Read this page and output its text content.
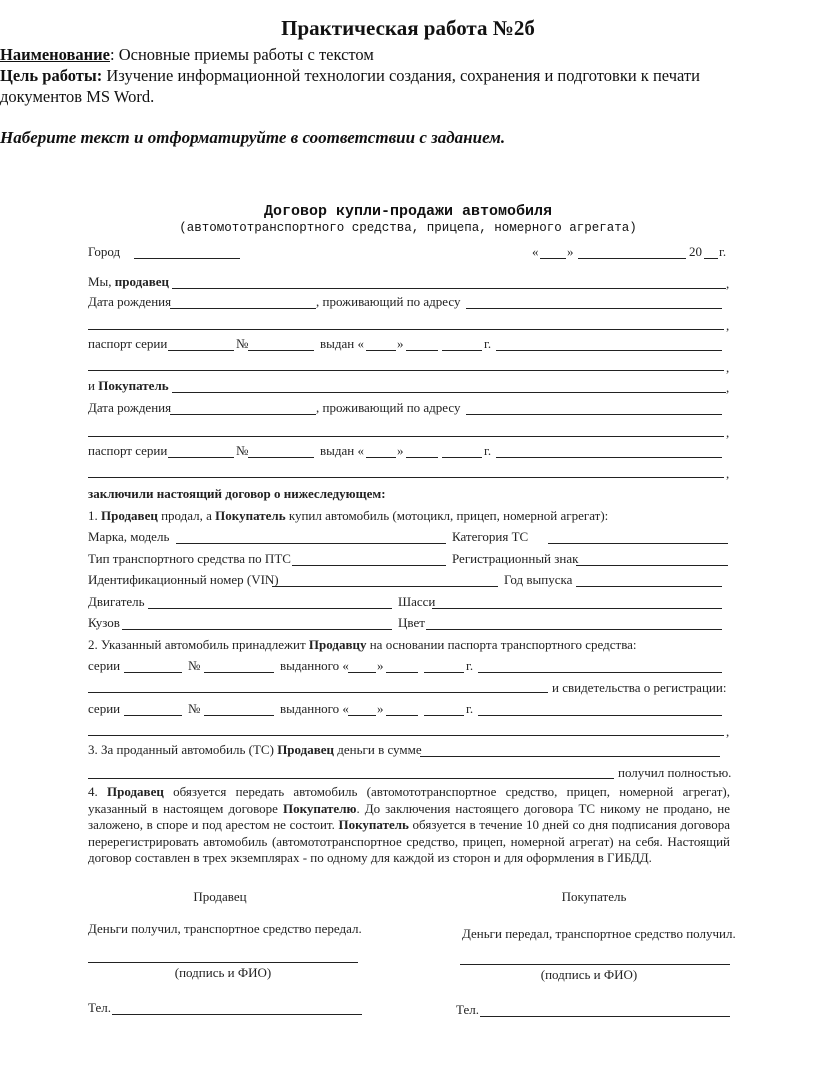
Практическая работа №2б
Наименование: Основные приемы работы с текстом
Цель работы: Изучение информационной технологии создания, сохранения и подготовки к печати
документов MS Word.
Наберите текст и отформатируйте в соответствии с заданием.
Договор купли-продажи автомобиля
(автомототранспортного средства, прицепа, номерного агрегата)
Город	« »	20 г.
Мы, продавец	,
Дата рождения	, проживающий по адресу
,
паспорт серии	№	выдан «	»	г.
,
и Покупатель	,
Дата рождения	, проживающий по адресу
,
паспорт серии	№	выдан «	»	г.
,
заключили настоящий договор о нижеследующем:
1. Продавец продал, а Покупатель купил автомобиль (мотоцикл, прицеп, номерной агрегат):
Марка, модель	Категория ТС
Тип транспортного средства по ПТС	Регистрационный знак
Идентификационный номер (VIN)	Год выпуска
Двигатель	Шасси
Кузов	Цвет
2. Указанный автомобиль принадлежит Продавцу на основании паспорта транспортного средства:
серии	№	выданного « »	г.
и свидетельства о регистрации:
серии	№	выданного « »	г.
,
3. За проданный автомобиль (ТС) Продавец деньги в сумме
получил полностью.
4. Продавец обязуется передать автомобиль (автомототранспортное средство, прицеп, номерной агрегат), указанный в настоящем договоре Покупателю. До заключения настоящего договора ТС никому не продано, не заложено, в споре и под арестом не состоит. Покупатель обязуется в течение 10 дней со дня подписания договора перерегистрировать автомобиль (автомототранспортное средство, прицеп, номерной агрегат) на себя. Настоящий договор составлен в трех экземплярах - по одному для каждой из сторон и для оформления в ГИБДД.
Продавец	Покупатель
Деньги получил, транспортное средство передал.	Деньги передал, транспортное средство получил.
(подпись и ФИО)	(подпись и ФИО)
Тел.	Тел.
